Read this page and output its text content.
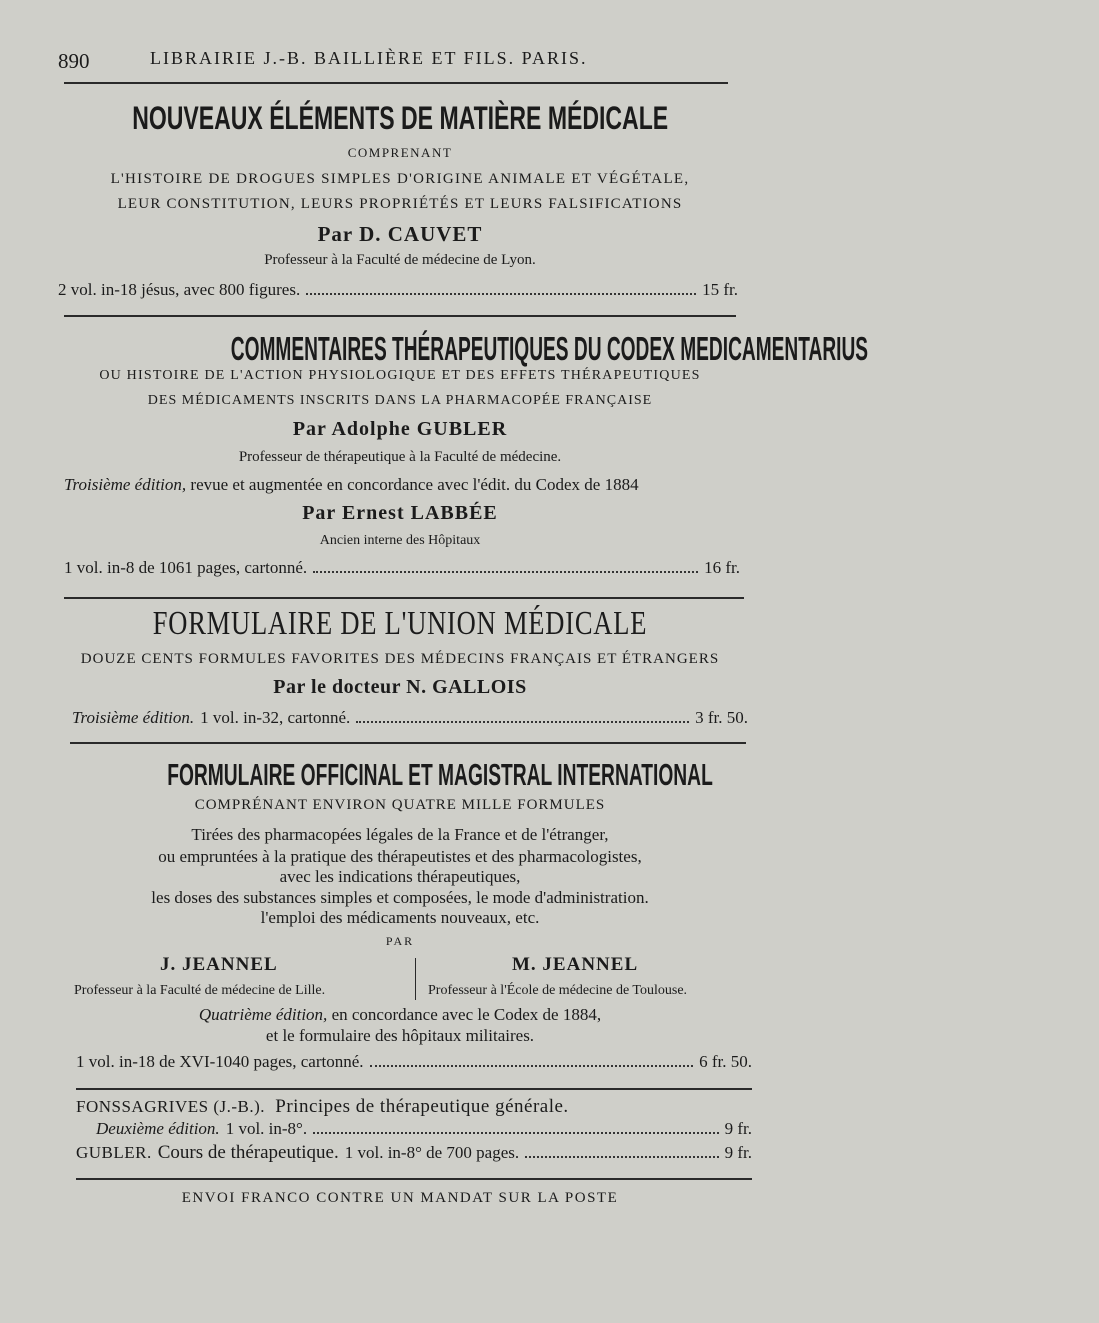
890	LIBRAIRIE J.-B. BAILLIÈRE ET FILS. PARIS.
NOUVEAUX ÉLÉMENTS DE MATIÈRE MÉDICALE
COMPRENANT
L'HISTOIRE DE DROGUES SIMPLES D'ORIGINE ANIMALE ET VÉGÉTALE,
LEUR CONSTITUTION, LEURS PROPRIÉTÉS ET LEURS FALSIFICATIONS
Par D. CAUVET
Professeur à la Faculté de médecine de Lyon.
2 vol. in-18 jésus, avec 800 figures.	15 fr.
COMMENTAIRES THÉRAPEUTIQUES DU CODEX MEDICAMENTARIUS
OU HISTOIRE DE L'ACTION PHYSIOLOGIQUE ET DES EFFETS THÉRAPEUTIQUES
DES MÉDICAMENTS INSCRITS DANS LA PHARMACOPÉE FRANÇAISE
Par Adolphe GUBLER
Professeur de thérapeutique à la Faculté de médecine.
Troisième édition, revue et augmentée en concordance avec l'édit. du Codex de 1884
Par Ernest LABBÉE
Ancien interne des Hôpitaux
1 vol. in-8 de 1061 pages, cartonné.	16 fr.
FORMULAIRE DE L'UNION MÉDICALE
DOUZE CENTS FORMULES FAVORITES DES MÉDECINS FRANÇAIS ET ÉTRANGERS
Par le docteur N. GALLOIS
Troisième édition. 1 vol. in-32, cartonné.	3 fr. 50.
FORMULAIRE OFFICINAL ET MAGISTRAL INTERNATIONAL
COMPRÉNANT ENVIRON QUATRE MILLE FORMULES
Tirées des pharmacopées légales de la France et de l'étranger,
ou empruntées à la pratique des thérapeutistes et des pharmacologistes,
avec les indications thérapeutiques,
les doses des substances simples et composées, le mode d'administration.
l'emploi des médicaments nouveaux, etc.
PAR
J. JEANNEL
Professeur à la Faculté de médecine de Lille.
M. JEANNEL
Professeur à l'École de médecine de Toulouse.
Quatrième édition, en concordance avec le Codex de 1884,
et le formulaire des hôpitaux militaires.
1 vol. in-18 de XVI-1040 pages, cartonné.	6 fr. 50.
FONSSAGRIVES (J.-B.). Principes de thérapeutique générale.
Deuxième édition. 1 vol. in-8°.	9 fr.
GUBLER. Cours de thérapeutique. 1 vol. in-8° de 700 pages.	9 fr.
ENVOI FRANCO CONTRE UN MANDAT SUR LA POSTE
